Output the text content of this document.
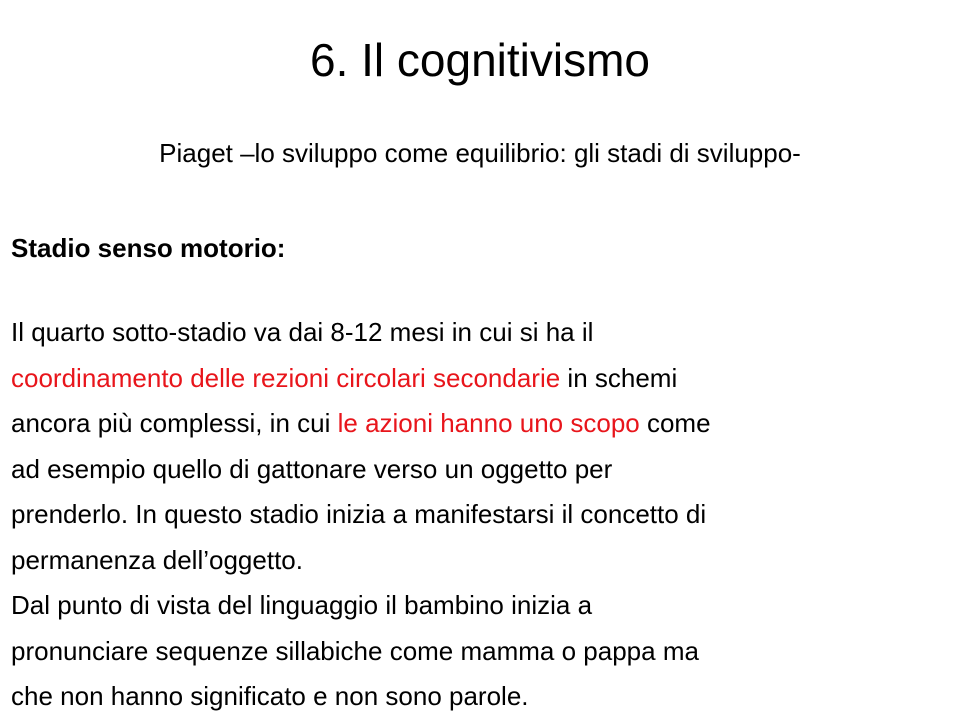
6. Il cognitivismo

Piaget –lo sviluppo come equilibrio: gli stadi di sviluppo-

Stadio senso motorio:

Il quarto sotto-stadio va dai 8-12 mesi in cui si ha il
coordinamento delle rezioni circolari secondarie in schemi
ancora più complessi, in cui le azioni hanno uno scopo come
ad esempio quello di gattonare verso un oggetto per
prenderlo. In questo stadio inizia a manifestarsi il concetto di
permanenza dell’oggetto.
Dal punto di vista del linguaggio il bambino inizia a
pronunciare sequenze sillabiche come mamma o pappa ma
che non hanno significato e non sono parole.
